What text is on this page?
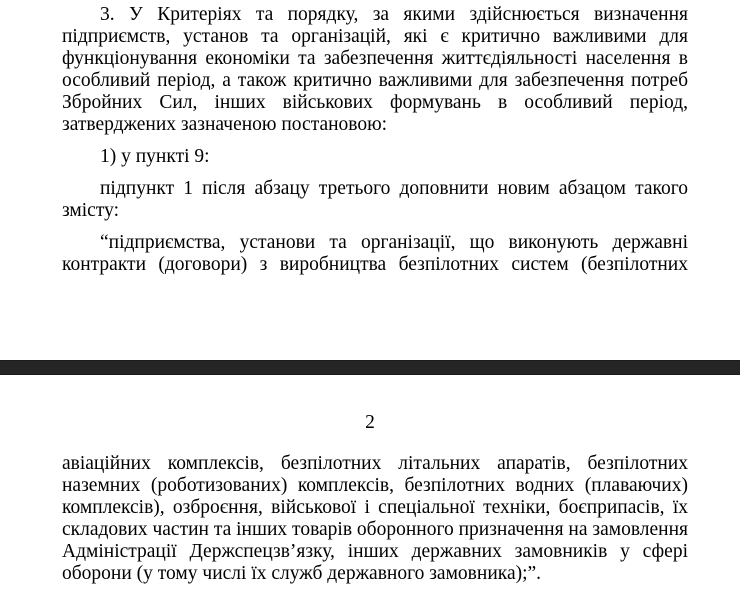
3. У Критеріях та порядку, за якими здійснюється визначення підприємств, установ та організацій, які є критично важливими для функціонування економіки та забезпечення життєдіяльності населення в особливий період, а також критично важливими для забезпечення потреб Збройних Сил, інших військових формувань в особливий період, затверджених зазначеною постановою:

1) у пункті 9:

підпункт 1 після абзацу третього доповнити новим абзацом такого змісту:

“підприємства, установи та організації, що виконують державні контракти (договори) з виробництва безпілотних систем (безпілотних

2

авіаційних комплексів, безпілотних літальних апаратів, безпілотних наземних (роботизованих) комплексів, безпілотних водних (плаваючих) комплексів), озброєння, військової і спеціальної техніки, боєприпасів, їх складових частин та інших товарів оборонного призначення на замовлення Адміністрації Держспецзв’язку, інших державних замовників у сфері оборони (у тому числі їх служб державного замовника);”.
